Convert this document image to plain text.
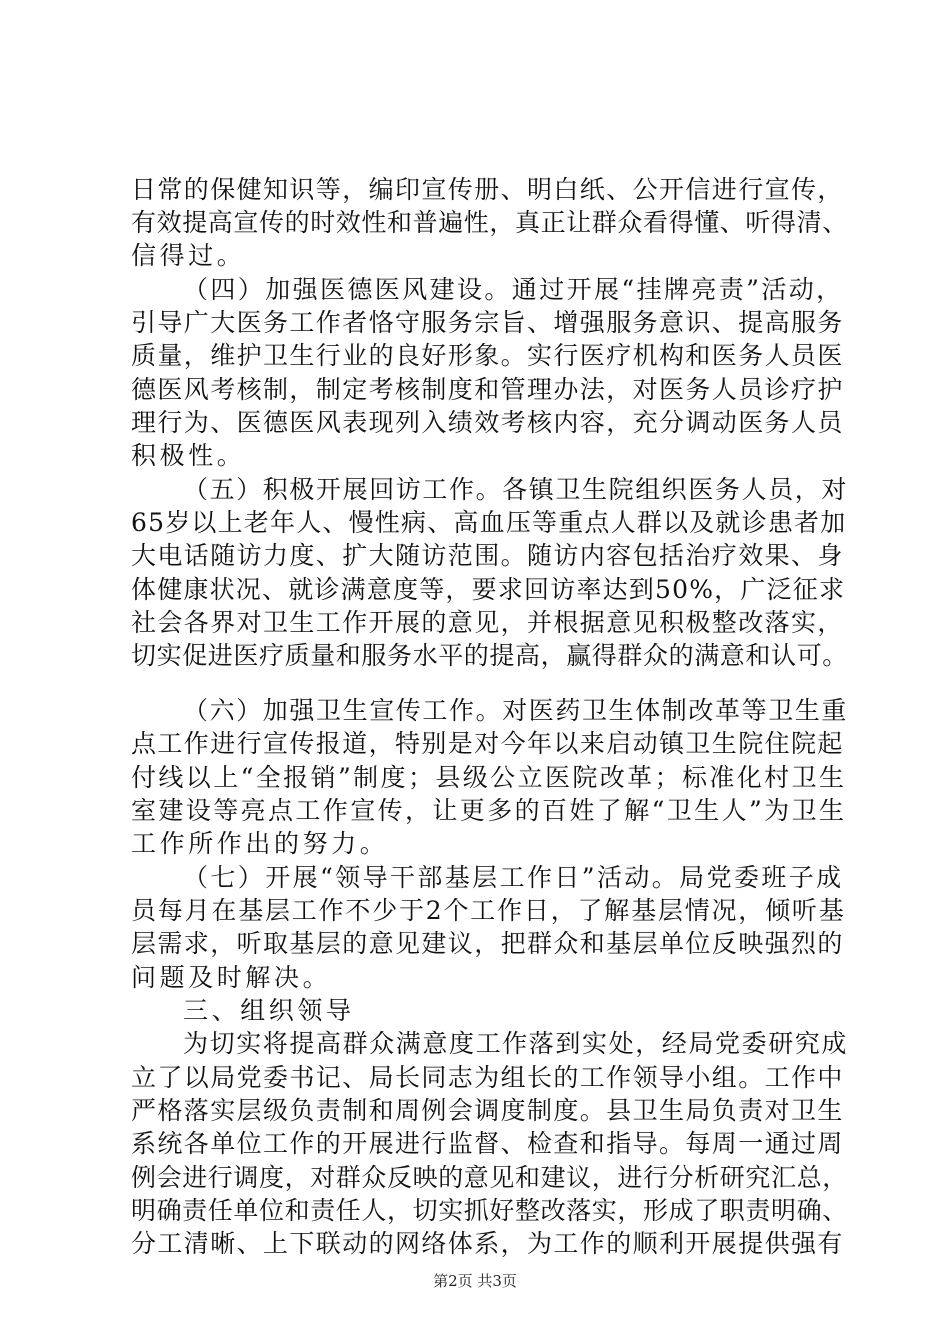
日常的保健知识等，编印宣传册、明白纸、公开信进行宣传，
有效提高宣传的时效性和普遍性，真正让群众看得懂、听得清、
信得过。
（四）加强医德医风建设。通过开展“挂牌亮责”活动，
引导广大医务工作者恪守服务宗旨、增强服务意识、提高服务
质量，维护卫生行业的良好形象。实行医疗机构和医务人员医
德医风考核制，制定考核制度和管理办法，对医务人员诊疗护
理行为、医德医风表现列入绩效考核内容，充分调动医务人员
积极性。
（五）积极开展回访工作。各镇卫生院组织医务人员，对
65岁以上老年人、慢性病、高血压等重点人群以及就诊患者加
大电话随访力度、扩大随访范围。随访内容包括治疗效果、身
体健康状况、就诊满意度等，要求回访率达到50%，广泛征求
社会各界对卫生工作开展的意见，并根据意见积极整改落实，
切实促进医疗质量和服务水平的提高，赢得群众的满意和认可。
（六）加强卫生宣传工作。对医药卫生体制改革等卫生重
点工作进行宣传报道，特别是对今年以来启动镇卫生院住院起
付线以上“全报销”制度；县级公立医院改革；标准化村卫生
室建设等亮点工作宣传，让更多的百姓了解“卫生人”为卫生
工作所作出的努力。
（七）开展“领导干部基层工作日”活动。局党委班子成
员每月在基层工作不少于2个工作日，了解基层情况，倾听基
层需求，听取基层的意见建议，把群众和基层单位反映强烈的
问题及时解决。
三、组织领导
为切实将提高群众满意度工作落到实处，经局党委研究成
立了以局党委书记、局长同志为组长的工作领导小组。工作中
严格落实层级负责制和周例会调度制度。县卫生局负责对卫生
系统各单位工作的开展进行监督、检查和指导。每周一通过周
例会进行调度，对群众反映的意见和建议，进行分析研究汇总，
明确责任单位和责任人，切实抓好整改落实，形成了职责明确、
分工清晰、上下联动的网络体系，为工作的顺利开展提供强有
第2页 共3页
